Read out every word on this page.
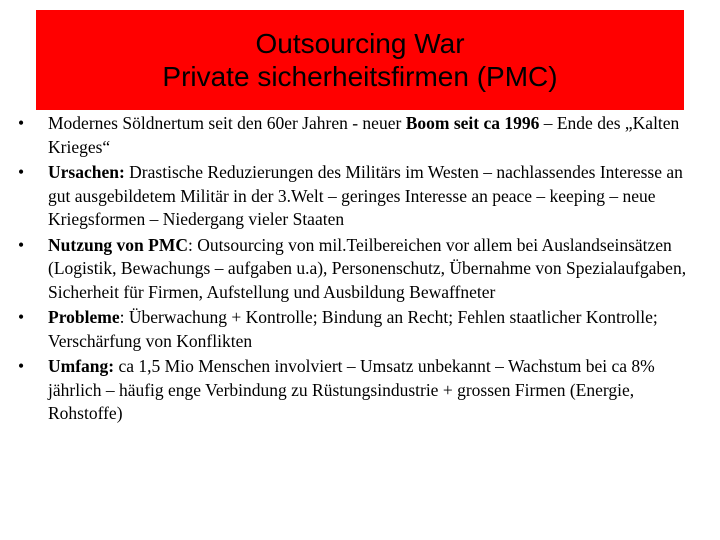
Outsourcing War
Private sicherheitsfirmen (PMC)
•	Modernes Söldnertum seit den 60er Jahren - neuer Boom seit ca 1996 – Ende des „Kalten Krieges“
•	Ursachen: Drastische Reduzierungen des Militärs im Westen – nachlassendes Interesse an gut ausgebildetem Militär in der 3.Welt – geringes Interesse an peace – keeping – neue Kriegsformen – Niedergang vieler Staaten
•	Nutzung von PMC: Outsourcing von mil.Teilbereichen vor allem bei Auslandseinsätzen (Logistik, Bewachungs – aufgaben u.a), Personenschutz, Übernahme von Spezialaufgaben, Sicherheit für Firmen, Aufstellung und Ausbildung Bewaffneter
•	Probleme: Überwachung + Kontrolle; Bindung an Recht; Fehlen staatlicher Kontrolle; Verschärfung von Konflikten
•	Umfang: ca 1,5 Mio Menschen involviert – Umsatz unbekannt – Wachstum bei ca 8% jährlich – häufig enge Verbindung zu Rüstungsindustrie + grossen Firmen (Energie, Rohstoffe)
